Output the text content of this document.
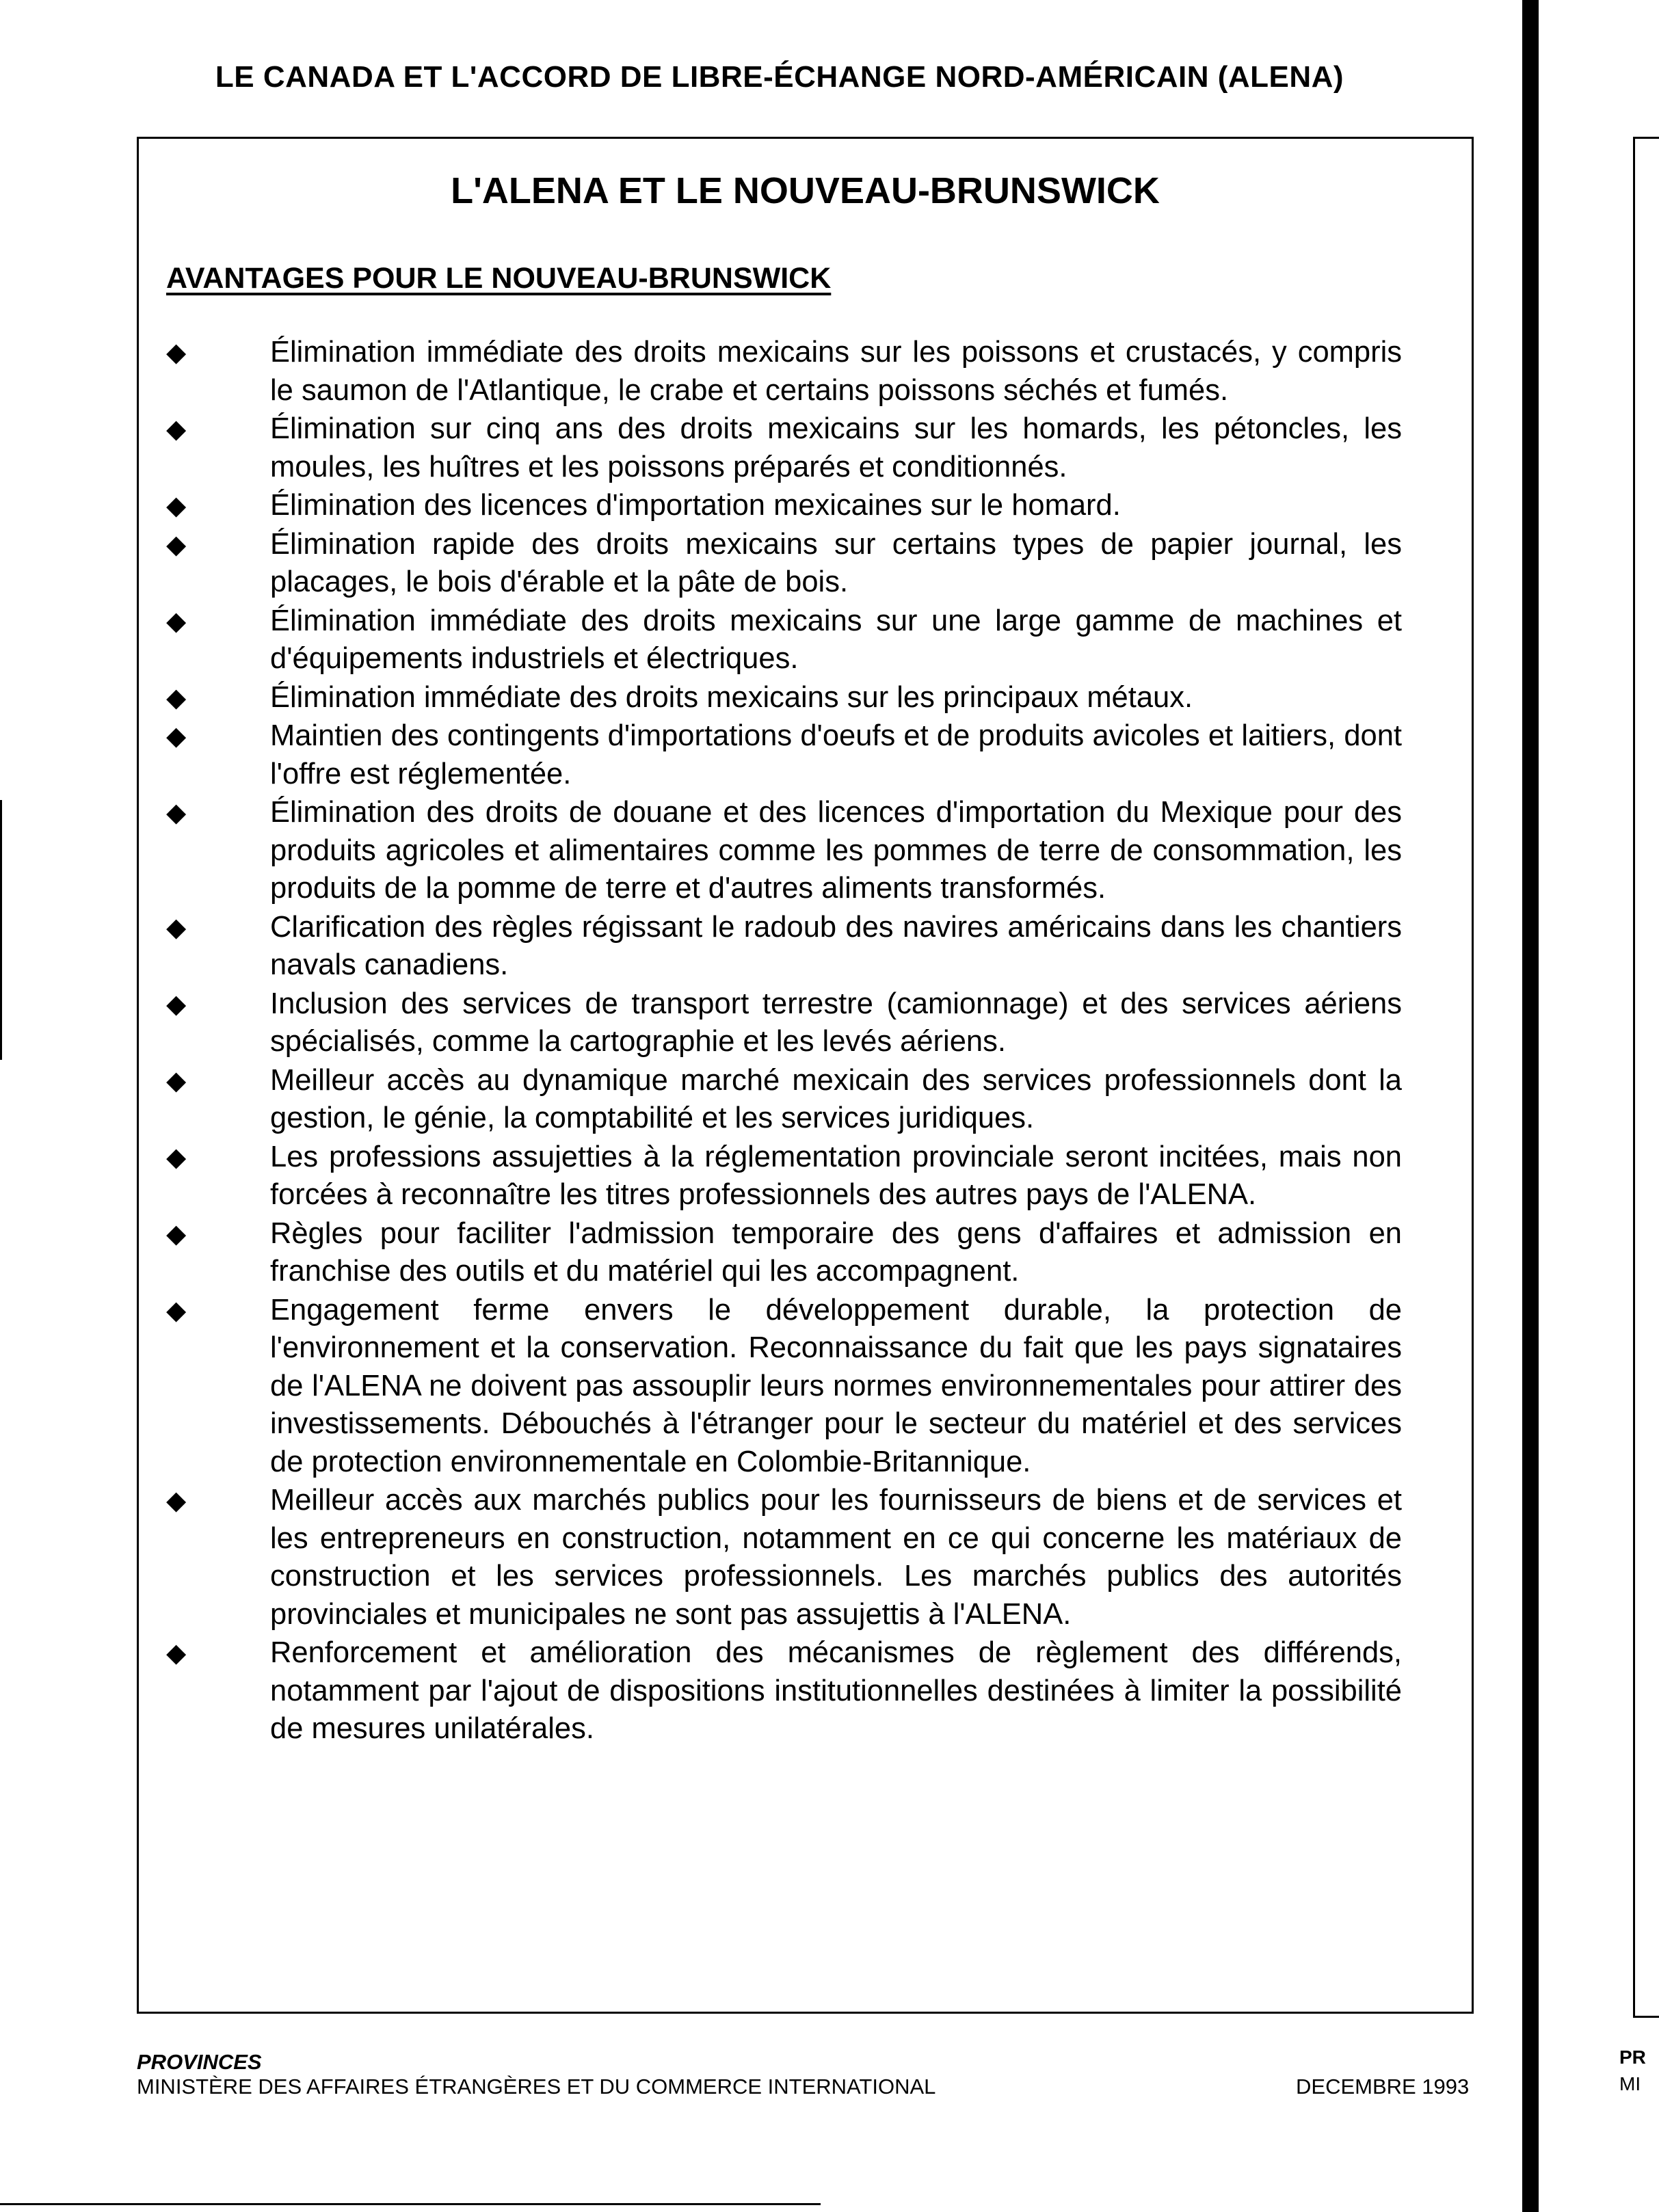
PR
MI
LE CANADA ET L'ACCORD DE LIBRE-ÉCHANGE NORD-AMÉRICAIN (ALENA)
L'ALENA ET LE NOUVEAU-BRUNSWICK
AVANTAGES POUR LE NOUVEAU-BRUNSWICK
◆	Élimination immédiate des droits mexicains sur les poissons et crustacés, y compris le saumon de l'Atlantique, le crabe et certains poissons séchés et fumés.
◆	Élimination sur cinq ans des droits mexicains sur les homards, les pétoncles, les moules, les huîtres et les poissons préparés et conditionnés.
◆	Élimination des licences d'importation mexicaines sur le homard.
◆	Élimination rapide des droits mexicains sur certains types de papier journal, les placages, le bois d'érable et la pâte de bois.
◆	Élimination immédiate des droits mexicains sur une large gamme de machines et d'équipements industriels et électriques.
◆	Élimination immédiate des droits mexicains sur les principaux métaux.
◆	Maintien des contingents d'importations d'oeufs et de produits avicoles et laitiers, dont l'offre est réglementée.
◆	Élimination des droits de douane et des licences d'importation du Mexique pour des produits agricoles et alimentaires comme les pommes de terre de consommation, les produits de la pomme de terre et d'autres aliments transformés.
◆	Clarification des règles régissant le radoub des navires américains dans les chantiers navals canadiens.
◆	Inclusion des services de transport terrestre (camionnage) et des services aériens spécialisés, comme la cartographie et les levés aériens.
◆	Meilleur accès au dynamique marché mexicain des services professionnels dont la gestion, le génie, la comptabilité et les services juridiques.
◆	Les professions assujetties à la réglementation provinciale seront incitées, mais non forcées à reconnaître les titres professionnels des autres pays de l'ALENA.
◆	Règles pour faciliter l'admission temporaire des gens d'affaires et admission en franchise des outils et du matériel qui les accompagnent.
◆	Engagement ferme envers le développement durable, la protection de l'environnement et la conservation. Reconnaissance du fait que les pays signataires de l'ALENA ne doivent pas assouplir leurs normes environnementales pour attirer des investissements. Débouchés à l'étranger pour le secteur du matériel et des services de protection environnementale en Colombie-Britannique.
◆	Meilleur accès aux marchés publics pour les fournisseurs de biens et de services et les entrepreneurs en construction, notamment en ce qui concerne les matériaux de construction et les services professionnels. Les marchés publics des autorités provinciales et municipales ne sont pas assujettis à l'ALENA.
◆	Renforcement et amélioration des mécanismes de règlement des différends, notamment par l'ajout de dispositions institutionnelles destinées à limiter la possibilité de mesures unilatérales.
PROVINCES
MINISTÈRE DES AFFAIRES ÉTRANGÈRES ET DU COMMERCE INTERNATIONAL	DECEMBRE 1993
